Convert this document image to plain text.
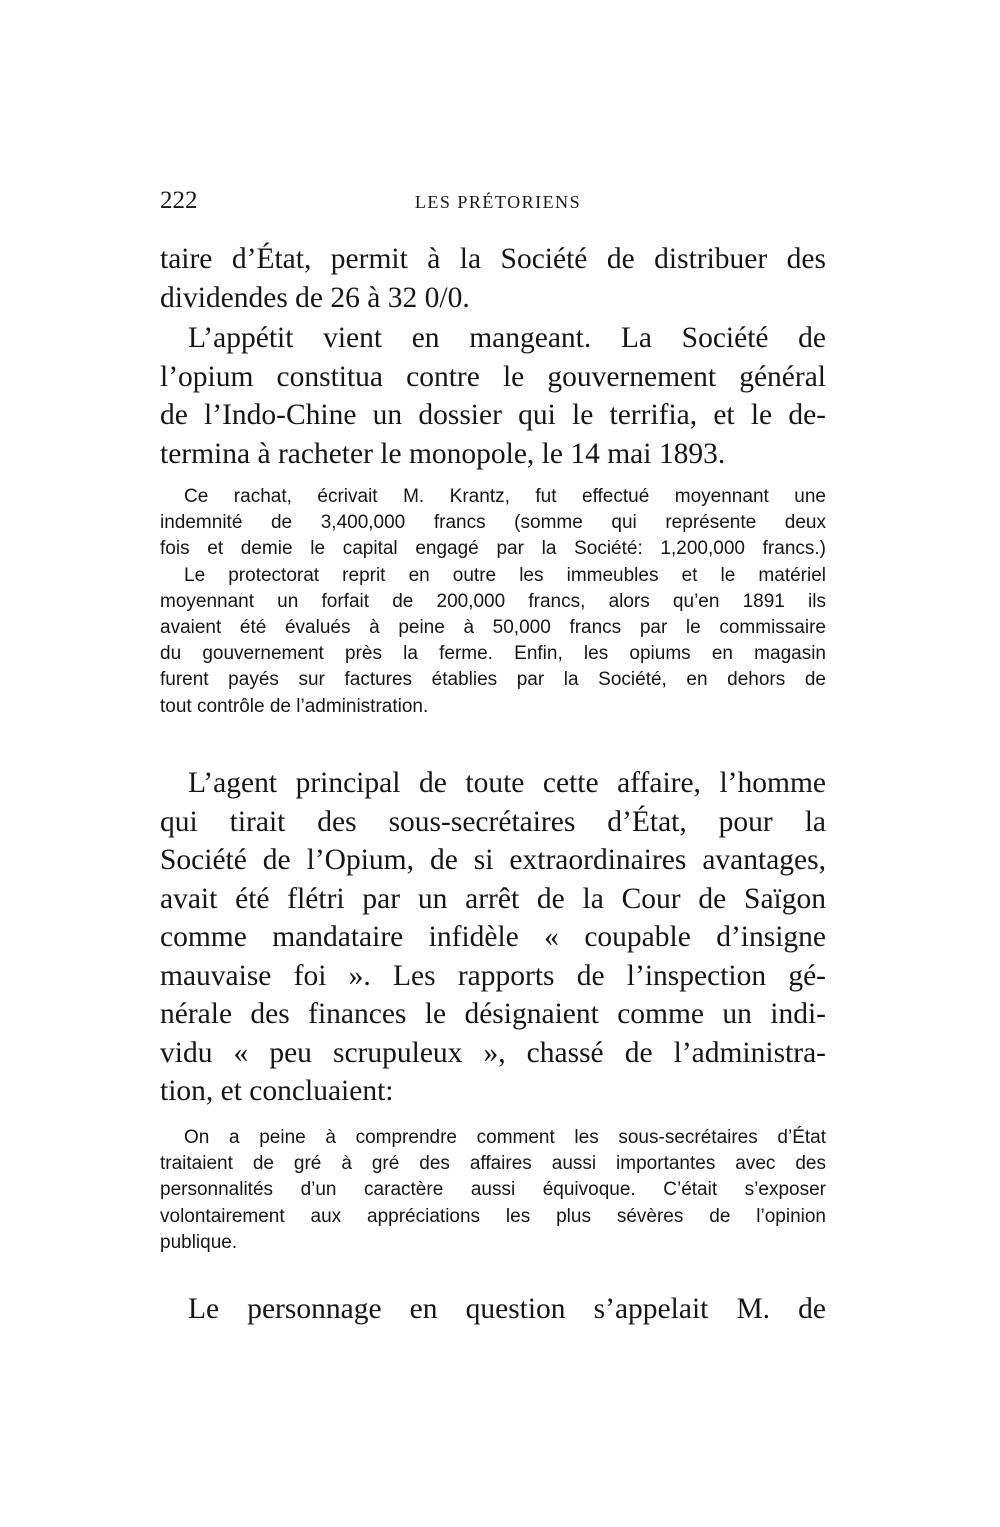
222	LES PRÉTORIENS
taire d’État, permit à la Société de distribuer des
dividendes de 26 à 32 0/0.
L’appétit vient en mangeant. La Société de
l’opium constitua contre le gouvernement général
de l’Indo-Chine un dossier qui le terrifia, et le de-
termina à racheter le monopole, le 14 mai 1893.
Ce rachat, écrivait M. Krantz, fut effectué moyennant une
indemnité de 3,400,000 francs (somme qui représente deux
fois et demie le capital engagé par la Société: 1,200,000 francs.)
Le protectorat reprit en outre les immeubles et le matériel
moyennant un forfait de 200,000 francs, alors qu’en 1891 ils
avaient été évalués à peine à 50,000 francs par le commissaire
du gouvernement près la ferme. Enfin, les opiums en magasin
furent payés sur factures établies par la Société, en dehors de
tout contrôle de l’administration.
L’agent principal de toute cette affaire, l’homme
qui tirait des sous-secrétaires d’État, pour la
Société de l’Opium, de si extraordinaires avantages,
avait été flétri par un arrêt de la Cour de Saïgon
comme mandataire infidèle « coupable d’insigne
mauvaise foi ». Les rapports de l’inspection gé-
nérale des finances le désignaient comme un indi-
vidu « peu scrupuleux », chassé de l’administra-
tion, et concluaient:
On a peine à comprendre comment les sous-secrétaires d’État
traitaient de gré à gré des affaires aussi importantes avec des
personnalités d’un caractère aussi équivoque. C’était s’exposer
volontairement aux appréciations les plus sévères de l’opinion
publique.
Le personnage en question s’appelait M. de
